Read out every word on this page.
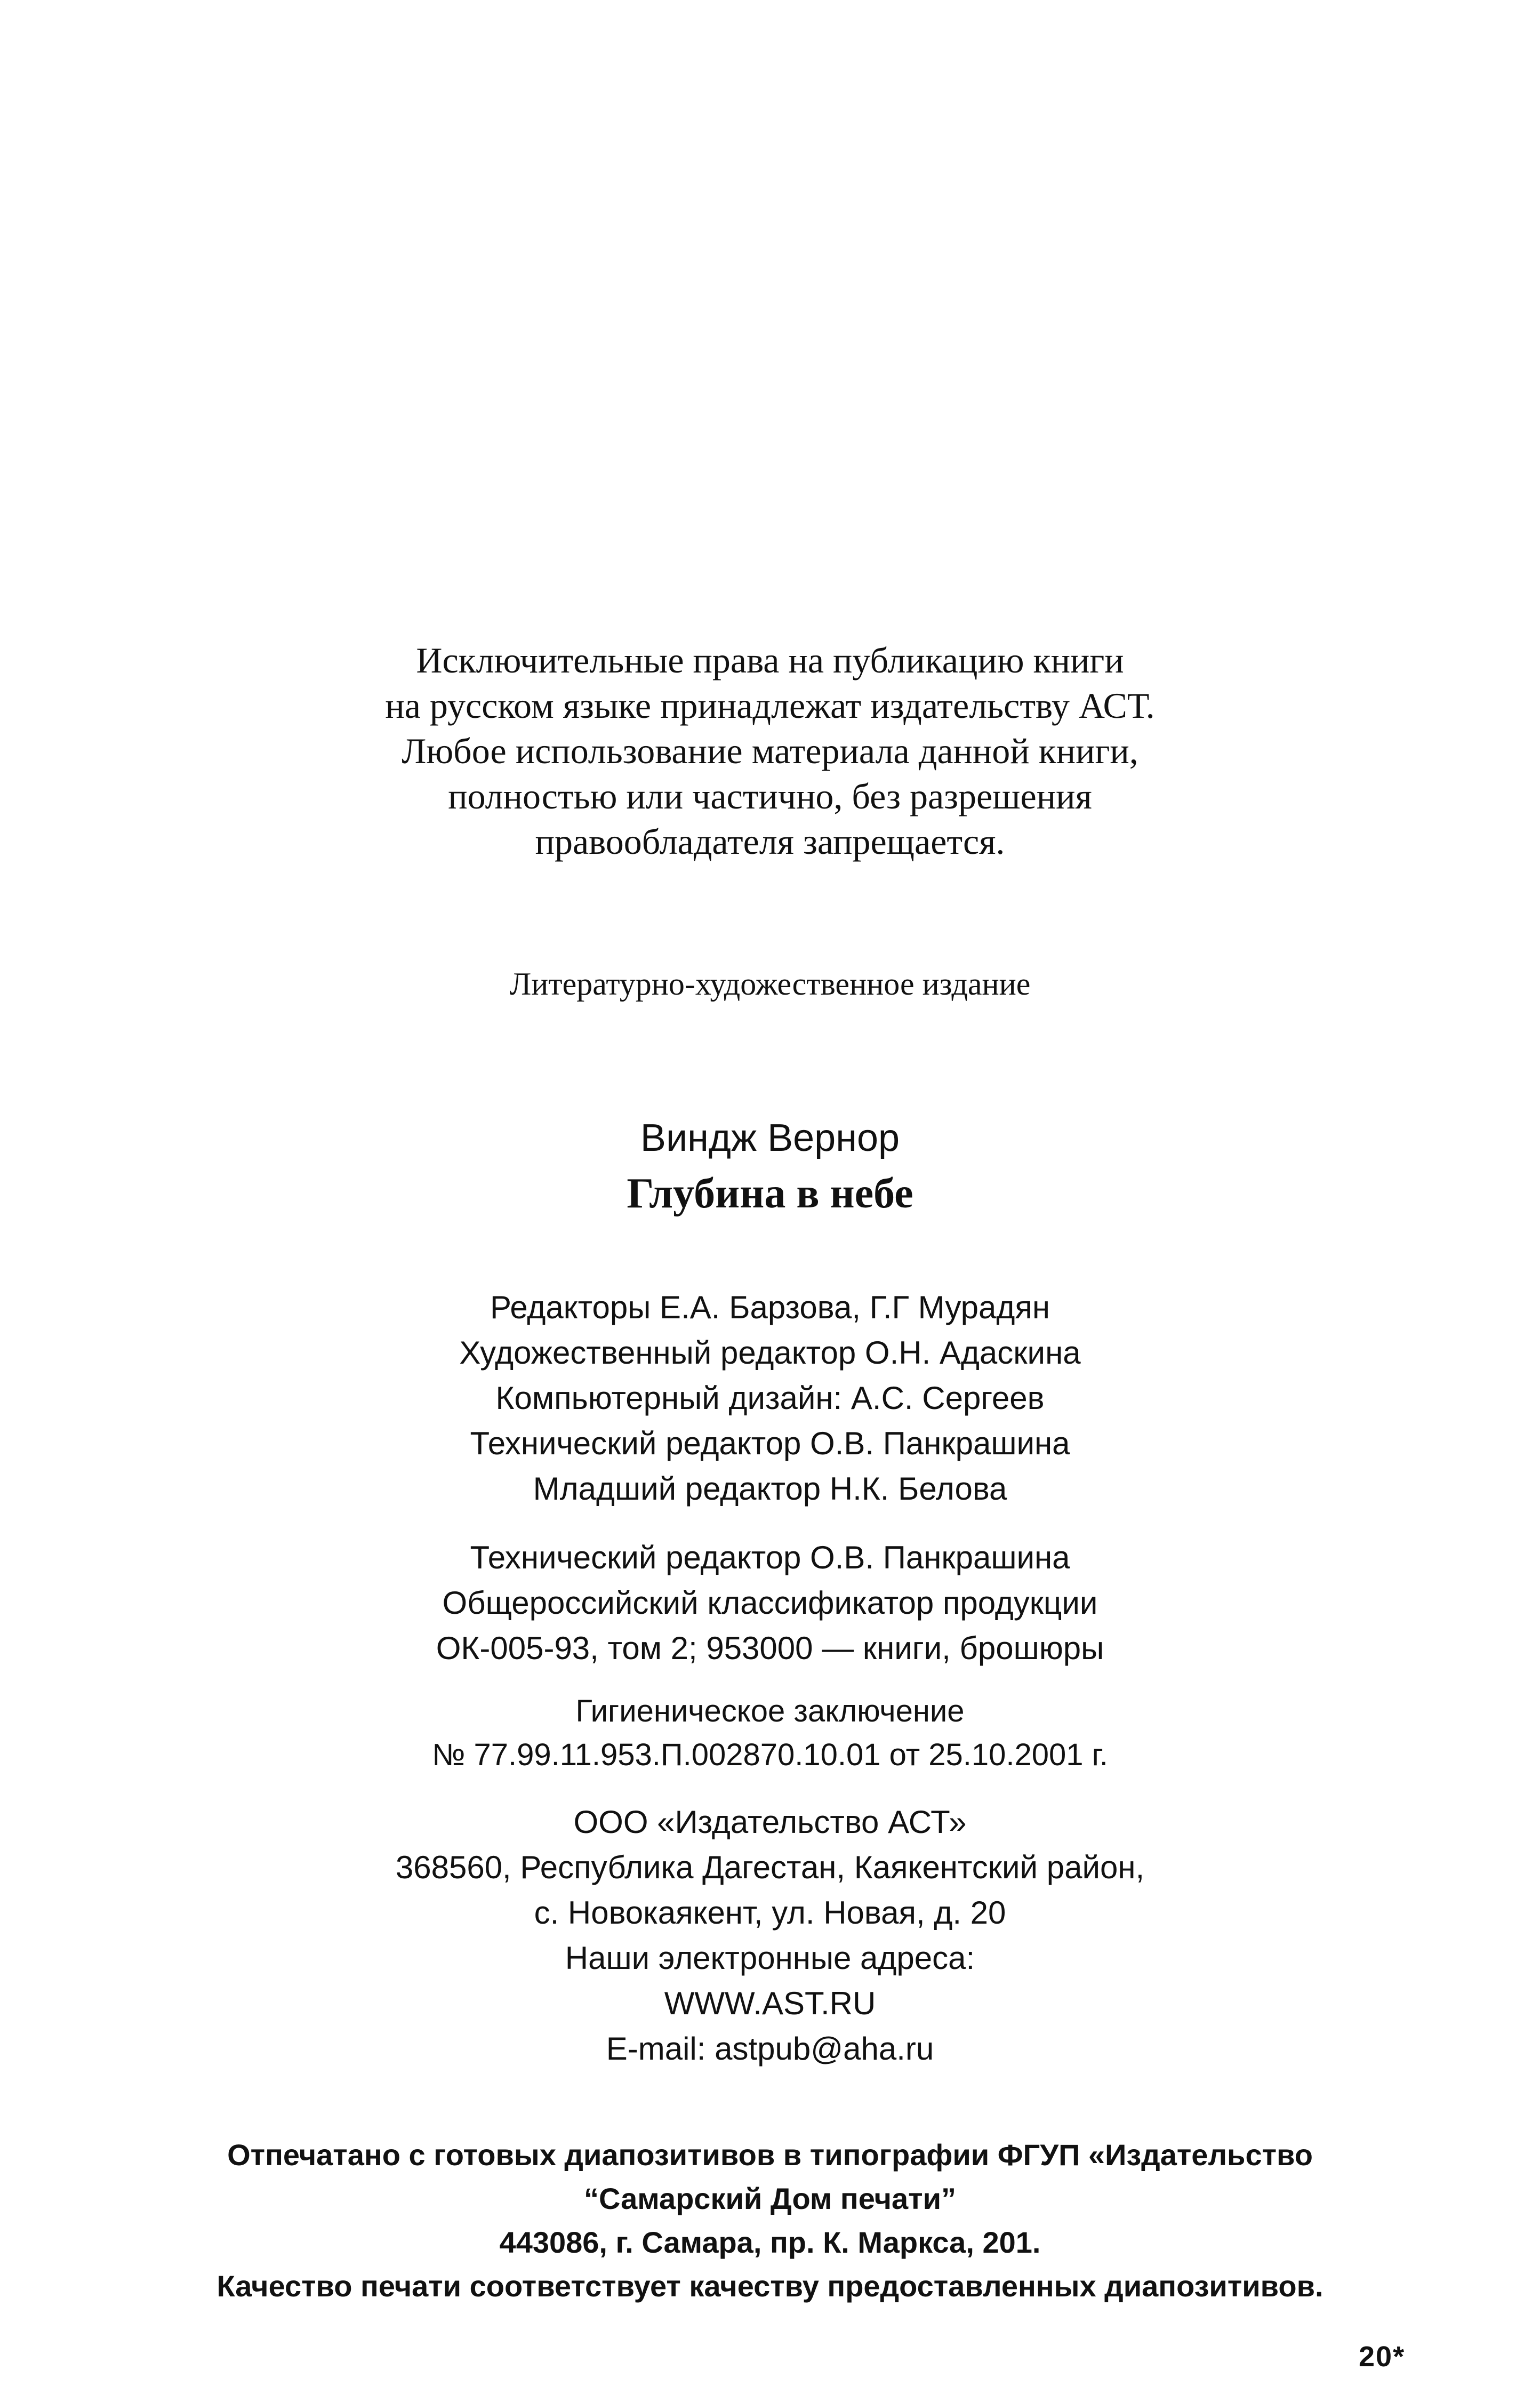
Исключительные права на публикацию книги
на русском языке принадлежат издательству АСТ.
Любое использование материала данной книги,
полностью или частично, без разрешения
правообладателя запрещается.
Литературно-художественное издание
Виндж Вернор
Глубина в небе
Редакторы Е.А. Барзова, Г.Г Мурадян
Художественный редактор О.Н. Адаскина
Компьютерный дизайн: А.С. Сергеев
Технический редактор О.В. Панкрашина
Младший редактор Н.К. Белова
Технический редактор О.В. Панкрашина
Общероссийский классификатор продукции
ОК-005-93, том 2; 953000 — книги, брошюры
Гигиеническое заключение
№ 77.99.11.953.П.002870.10.01 от 25.10.2001 г.
ООО «Издательство АСТ»
368560, Республика Дагестан, Каякентский район,
с. Новокаякент, ул. Новая, д. 20
Наши электронные адреса:
WWW.AST.RU
E-mail: astpub@aha.ru
Отпечатано с готовых диапозитивов в типографии ФГУП «Издательство
“Самарский Дом печати”
443086, г. Самара, пр. К. Маркса, 201.
Качество печати соответствует качеству предоставленных диапозитивов.
20*
